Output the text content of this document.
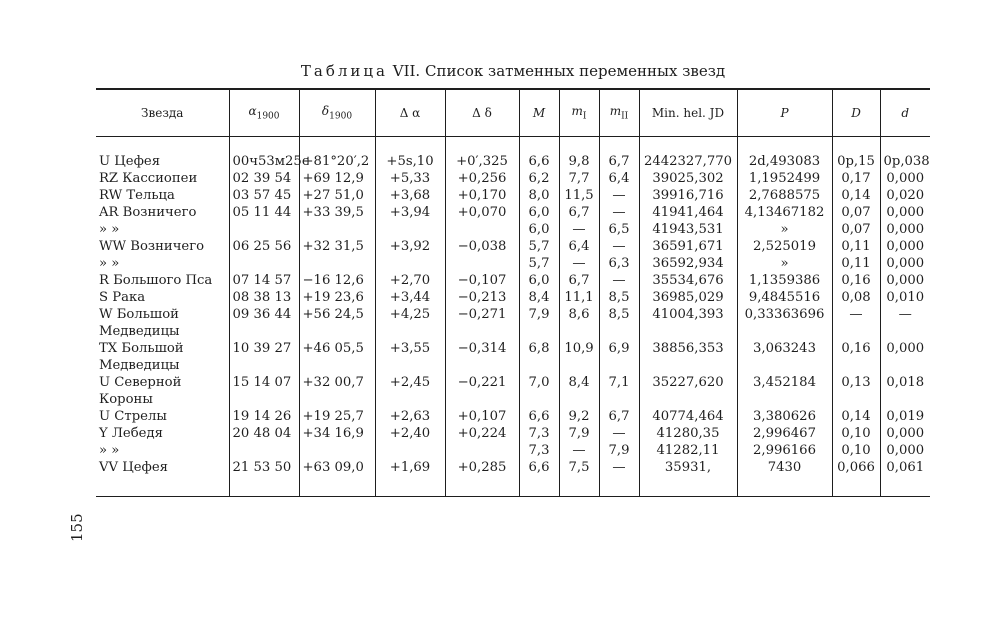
Таблица VII. Список затменных переменных звезд
Звезда	$\alpha_{1900}$	$\delta_{1900}$	Δ α	Δ δ	M	$m_I$	$m_{II}$	Min. hel. JD	P	D	d

U Цефея	00ч53м25с	+81°20′,2	+5s,10	+0′,325	6,6	9,8	6,7	2442327,770	2d,493083	0p,15	0p,038
RZ Кассиопеи	02 39 54	+69 12,9	+5,33	+0,256	6,2	7,7	6,4	39025,302	1,1952499	0,17	0,000
RW Тельца	03 57 45	+27 51,0	+3,68	+0,170	8,0	11,5	—	39916,716	2,7688575	0,14	0,020
AR Возничего	05 11 44	+33 39,5	+3,94	+0,070	6,0	6,7	—	41941,464	4,13467182	0,07	0,000
» »					6,0	—	6,5	41943,531	»	0,07	0,000
WW Возничего	06 25 56	+32 31,5	+3,92	−0,038	5,7	6,4	—	36591,671	2,525019	0,11	0,000
» »					5,7	—	6,3	36592,934	»	0,11	0,000
R Большого Пса	07 14 57	−16 12,6	+2,70	−0,107	6,0	6,7	—	35534,676	1,1359386	0,16	0,000
S Рака	08 38 13	+19 23,6	+3,44	−0,213	8,4	11,1	8,5	36985,029	9,4845516	0,08	0,010
W Большой Медведицы	09 36 44	+56 24,5	+4,25	−0,271	7,9	8,6	8,5	41004,393	0,33363696	—	—
TX Большой Медведицы	10 39 27	+46 05,5	+3,55	−0,314	6,8	10,9	6,9	38856,353	3,063243	0,16	0,000
U Северной Короны	15 14 07	+32 00,7	+2,45	−0,221	7,0	8,4	7,1	35227,620	3,452184	0,13	0,018
U Стрелы	19 14 26	+19 25,7	+2,63	+0,107	6,6	9,2	6,7	40774,464	3,380626	0,14	0,019
Y Лебедя	20 48 04	+34 16,9	+2,40	+0,224	7,3	7,9	—	41280,35	2,996467	0,10	0,000
» »					7,3	—	7,9	41282,11	2,996166	0,10	0,000
VV Цефея	21 53 50	+63 09,0	+1,69	+0,285	6,6	7,5	—	35931,	7430	0,066	0,061
155
